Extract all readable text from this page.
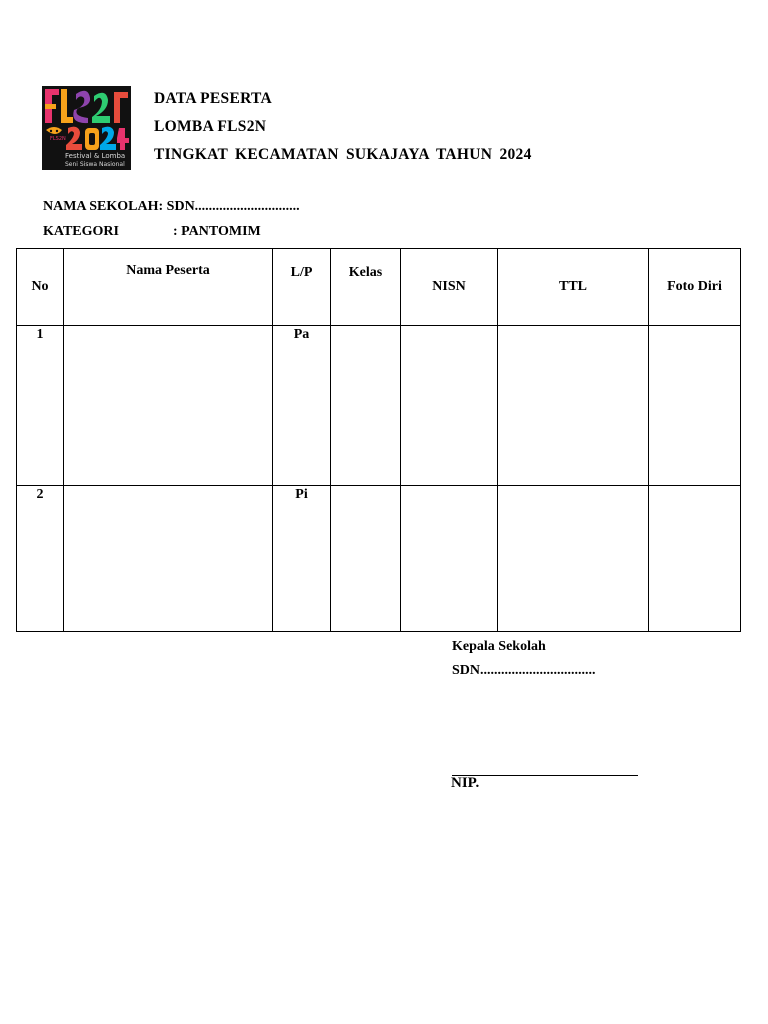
FLS2N
Festival & Lomba
Seni Siswa Nasional
DATA PESERTA
LOMBA FLS2N
TINGKAT KECAMATAN SUKAJAYA TAHUN 2024
NAMA SEKOLAH: SDN..............................
KATEGORI	: PANTOMIM
No	Nama Peserta	L/P	Kelas	NISN	TTL	Foto Diri
1		Pa				
2		Pi				
Kepala Sekolah
SDN.................................
NIP.
